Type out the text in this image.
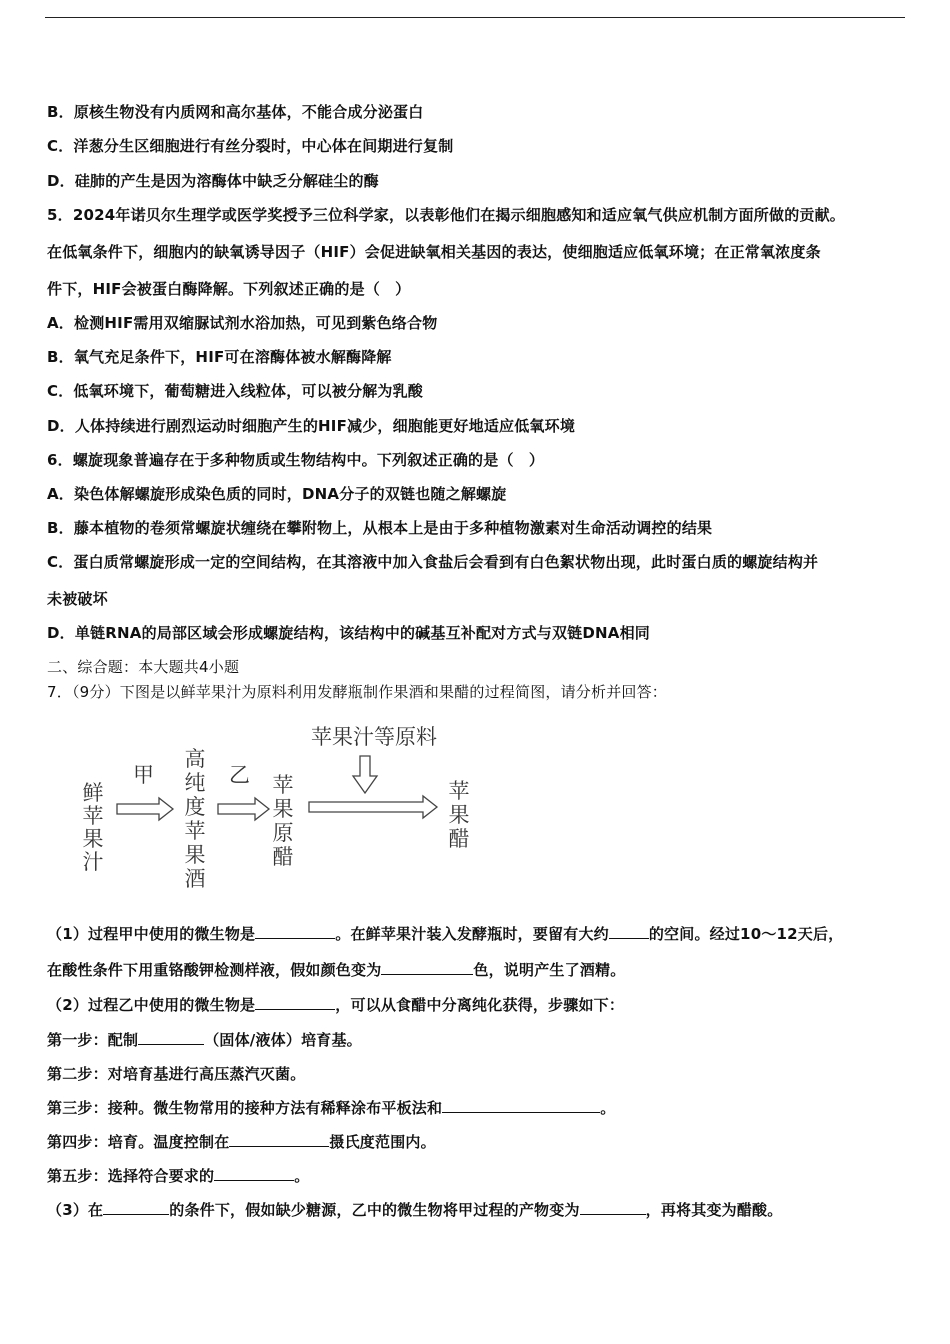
B．原核生物没有内质网和高尔基体，不能合成分泌蛋白
C．洋葱分生区细胞进行有丝分裂时，中心体在间期进行复制
D．硅肺的产生是因为溶酶体中缺乏分解硅尘的酶
5．2024年诺贝尔生理学或医学奖授予三位科学家，以表彰他们在揭示细胞感知和适应氧气供应机制方面所做的贡献。
在低氧条件下，细胞内的缺氧诱导因子（HIF）会促进缺氧相关基因的表达，使细胞适应低氧环境；在正常氧浓度条
件下，HIF会被蛋白酶降解。下列叙述正确的是（　）
A．检测HIF需用双缩脲试剂水浴加热，可见到紫色络合物
B．氧气充足条件下，HIF可在溶酶体被水解酶降解
C．低氧环境下，葡萄糖进入线粒体，可以被分解为乳酸
D．人体持续进行剧烈运动时细胞产生的HIF减少，细胞能更好地适应低氧环境
6．螺旋现象普遍存在于多种物质或生物结构中。下列叙述正确的是（　）
A．染色体解螺旋形成染色质的同时，DNA分子的双链也随之解螺旋
B．藤本植物的卷须常螺旋状缠绕在攀附物上，从根本上是由于多种植物激素对生命活动调控的结果
C．蛋白质常螺旋形成一定的空间结构，在其溶液中加入食盐后会看到有白色絮状物出现，此时蛋白质的螺旋结构并
未被破坏
D．单链RNA的局部区域会形成螺旋结构，该结构中的碱基互补配对方式与双链DNA相同
二、综合题：本大题共4小题
7．（9分）下图是以鲜苹果汁为原料利用发酵瓶制作果酒和果醋的过程简图，请分析并回答：
鲜
苹
果
汁
甲
高
纯
度
苹
果
酒
乙 苹
果
原
醋
苹果汁等原料
苹
果
醋
（1）过程甲中使用的微生物是	。在鲜苹果汁装入发酵瓶时，要留有大约	的空间。经过10～12天后，
在酸性条件下用重铬酸钾检测样液，假如颜色变为	色，说明产生了酒精。
（2）过程乙中使用的微生物是	，可以从食醋中分离纯化获得，步骤如下：
第一步：配制	（固体/液体）培育基。
第二步：对培育基进行高压蒸汽灭菌。
第三步：接种。微生物常用的接种方法有稀释涂布平板法和	。
第四步：培育。温度控制在	摄氏度范围内。
第五步：选择符合要求的	。
（3）在	的条件下，假如缺少糖源，乙中的微生物将甲过程的产物变为	，再将其变为醋酸。
